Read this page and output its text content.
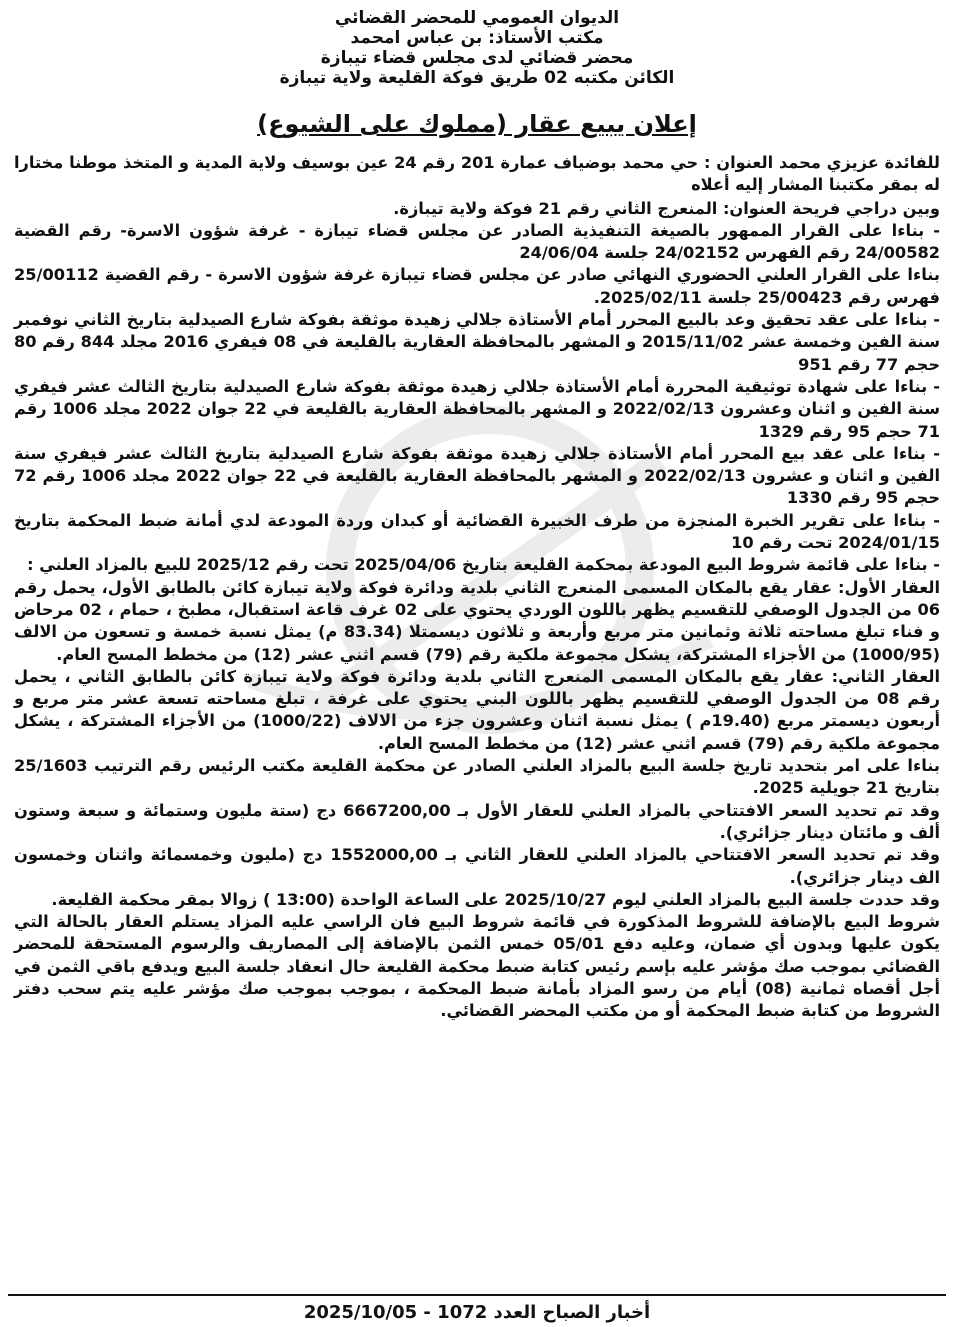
الديوان العمومي للمحضر القضائي

مكتب الأستاذ: بن عباس امحمد

محضر قضائي لدى مجلس قضاء تيبازة

الكائن مكتبه 02 طريق فوكة القليعة ولاية تيبازة

إعلان يبيع عقار (مملوك على الشيوع)

للفائدة عزيزي محمد العنوان : حي محمد بوضياف عمارة 201 رقم 24 عين بوسيف ولاية المدية و المتخذ موطنا مختارا له بمقر مكتبنا المشار إليه أعلاه

وبين دراجي فريحة العنوان: المنعرج الثاني رقم 21 فوكة ولاية تيبازة.

- بناءا على القرار الممهور بالصيغة التنفيذية الصادر عن مجلس قضاء تيبازة - غرفة شؤون الاسرة- رقم القضية 24/00582 رقم الفهرس 24/02152 جلسة 24/06/04

بناءا على القرار العلني الحضوري النهائي صادر عن مجلس قضاء تيبازة غرفة شؤون الاسرة - رقم القضية 25/00112 فهرس رقم 25/00423 جلسة 2025/02/11.

- بناءا على عقد تحقيق وعد بالبيع المحرر أمام الأستاذة جلالي زهيدة موثقة بفوكة شارع الصيدلية بتاريخ الثاني نوفمبر سنة الفين وخمسة عشر 2015/11/02 و المشهر بالمحافظة العقارية بالقليعة في 08 فيفري 2016 مجلد 844 رقم 80 حجم 77 رقم 951

- بناءا على شهادة توثيقية المحررة أمام الأستاذة جلالي زهيدة موثقة بفوكة شارع الصيدلية بتاريخ الثالث عشر فيفري سنة الفين و اثنان وعشرون 2022/02/13 و المشهر بالمحافظة العقارية بالقليعة في 22 جوان 2022 مجلد 1006 رقم 71 حجم 95 رقم 1329

- بناءا على عقد بيع المحرر أمام الأستاذة جلالي زهيدة موثقة بفوكة شارع الصيدلية بتاريخ الثالث عشر فيفري سنة الفين و اثنان و عشرون 2022/02/13 و المشهر بالمحافظة العقارية بالقليعة في 22 جوان 2022 مجلد 1006 رقم 72 حجم 95 رقم 1330

- بناءا على تقرير الخبرة المنجزة من طرف الخبيرة القضائية أو كبدان وردة المودعة لدي أمانة ضبط المحكمة بتاريخ 2024/01/15 تحت رقم 10

- بناءا على قائمة شروط البيع المودعة بمحكمة القليعة بتاريخ 2025/04/06 تحت رقم 2025/12 للبيع بالمزاد العلني :

العقار الأول: عقار يقع بالمكان المسمى المنعرج الثاني بلدية ودائرة فوكة ولاية تيبازة كائن بالطابق الأول، يحمل رقم 06 من الجدول الوصفي للتقسيم يظهر باللون الوردي يحتوي على 02 غرف قاعة استقبال، مطبخ ، حمام ، 02 مرحاض و فناء تبلغ مساحته ثلاثة وثمانين متر مربع وأربعة و ثلاثون ديسمتلا (83.34 م) يمثل نسبة خمسة و تسعون من الالف (1000/95) من الأجزاء المشتركة، يشكل مجموعة ملكية رقم (79) قسم اثني عشر (12) من مخطط المسح العام.

العقار الثاني: عقار يقع بالمكان المسمى المنعرج الثاني بلدية ودائرة فوكة ولاية تيبازة كائن بالطابق الثاني ، يحمل رقم 08 من الجدول الوصفي للتقسيم يظهر باللون البني يحتوي على غرفة ، تبلغ مساحته تسعة عشر متر مربع و أربعون ديسمتر مربع (19.40م ) يمثل نسبة اثنان وعشرون جزء من الالاف (1000/22) من الأجزاء المشتركة ، يشكل مجموعة ملكية رقم (79) قسم اثني عشر (12) من مخطط المسح العام.

بناءا على امر بتحديد تاريخ جلسة البيع بالمزاد العلني الصادر عن محكمة القليعة مكتب الرئيس رقم الترتيب 25/1603 بتاريخ 21 جويلية 2025.

وقد تم تحديد السعر الافتتاحي بالمزاد العلني للعقار الأول بـ 6667200,00 دج (ستة مليون وستمائة و سبعة وستون ألف و مائتان دينار جزائري).

وقد تم تحديد السعر الافتتاحي بالمزاد العلني للعقار الثاني بـ 1552000,00 دج (مليون وخمسمائة واثنان وخمسون الف دينار جزائري).

وقد حددت جلسة البيع بالمزاد العلني ليوم 2025/10/27 على الساعة الواحدة (13:00 ) زوالا بمقر محكمة القليعة.

شروط البيع بالإضافة للشروط المذكورة في قائمة شروط البيع فان الراسي عليه المزاد يستلم العقار بالحالة التي يكون عليها وبدون أي ضمان، وعليه دفع 05/01 خمس الثمن بالإضافة إلى المصاريف والرسوم المستحقة للمحضر القضائي بموجب صك مؤشر عليه بإسم رئيس كتابة ضبط محكمة القليعة حال انعقاد جلسة البيع ويدفع باقي الثمن في أجل أقصاه ثمانية (08) أيام من رسو المزاد بأمانة ضبط المحكمة ، بموجب بموجب صك مؤشر عليه يتم سحب دفتر الشروط من كتابة ضبط المحكمة أو من مكتب المحضر القضائي.

أخبار الصباح العدد 1072 - 2025/10/05
